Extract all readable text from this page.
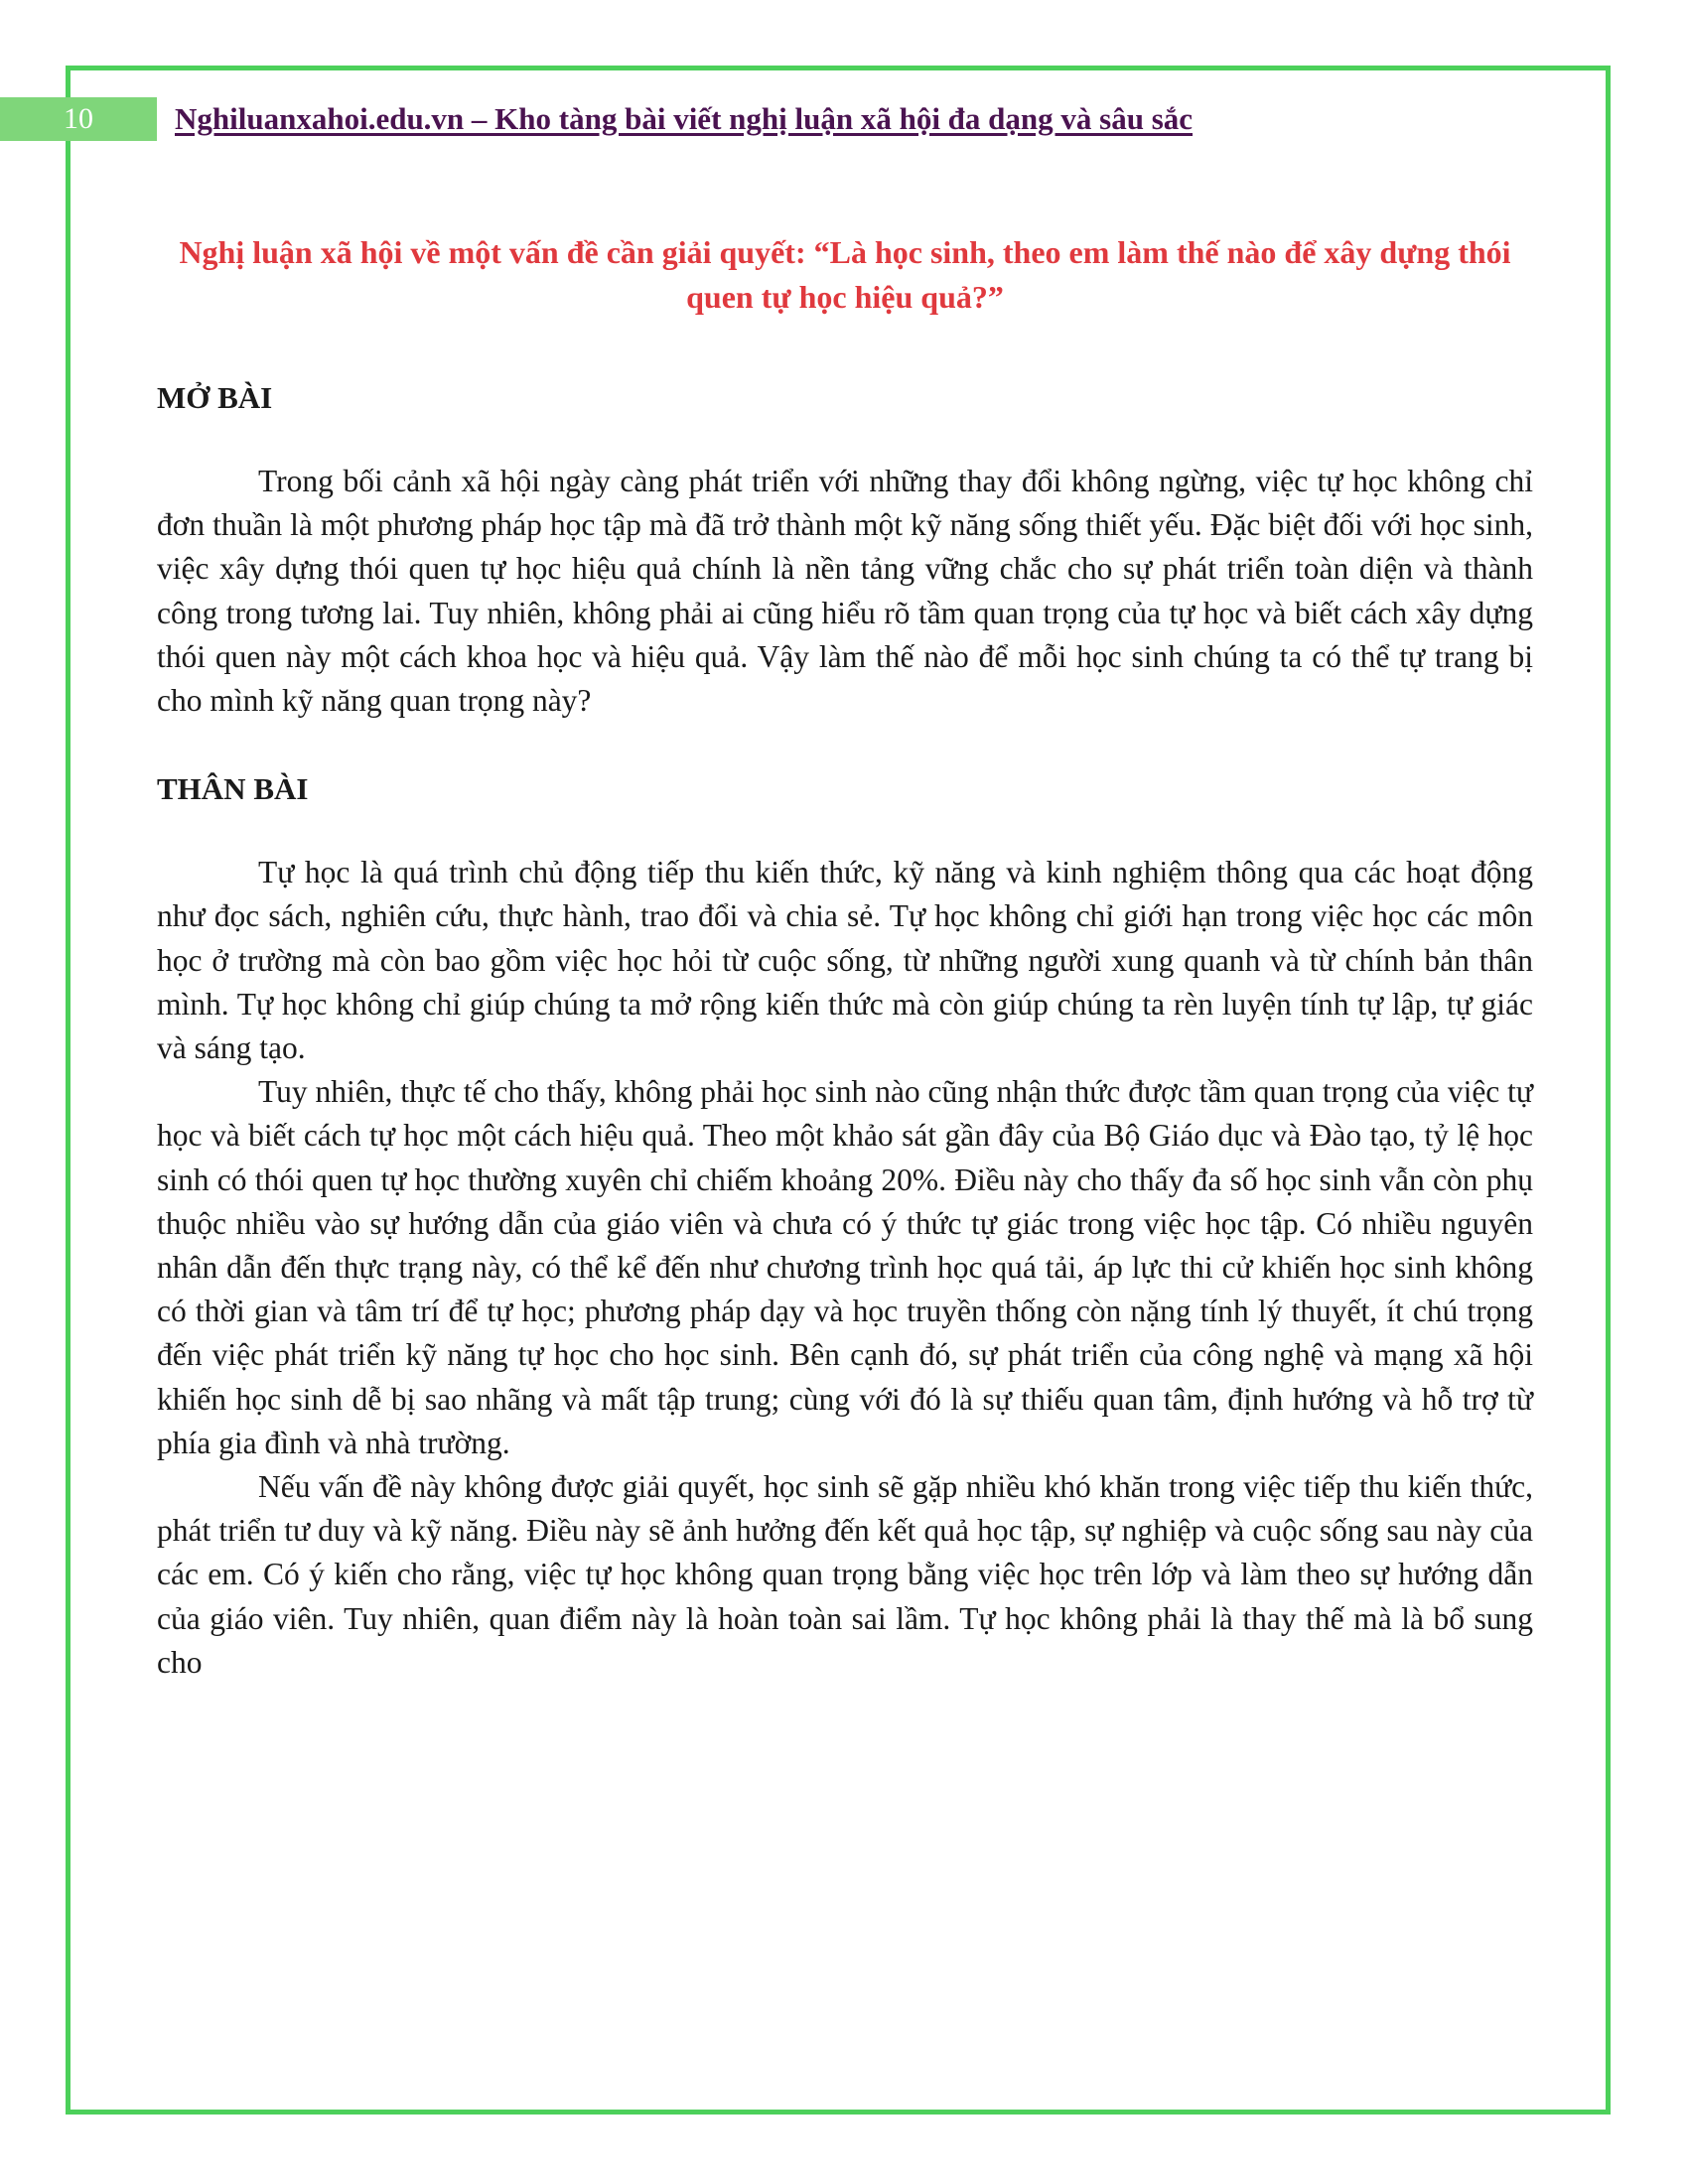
10	Nghiluanxahoi.edu.vn – Kho tàng bài viết nghị luận xã hội đa dạng và sâu sắc
Nghị luận xã hội về một vấn đề cần giải quyết: “Là học sinh, theo em làm thế nào để xây dựng thói quen tự học hiệu quả?”
MỞ BÀI

Trong bối cảnh xã hội ngày càng phát triển với những thay đổi không ngừng, việc tự học không chỉ đơn thuần là một phương pháp học tập mà đã trở thành một kỹ năng sống thiết yếu. Đặc biệt đối với học sinh, việc xây dựng thói quen tự học hiệu quả chính là nền tảng vững chắc cho sự phát triển toàn diện và thành công trong tương lai. Tuy nhiên, không phải ai cũng hiểu rõ tầm quan trọng của tự học và biết cách xây dựng thói quen này một cách khoa học và hiệu quả. Vậy làm thế nào để mỗi học sinh chúng ta có thể tự trang bị cho mình kỹ năng quan trọng này?

THÂN BÀI

Tự học là quá trình chủ động tiếp thu kiến thức, kỹ năng và kinh nghiệm thông qua các hoạt động như đọc sách, nghiên cứu, thực hành, trao đổi và chia sẻ. Tự học không chỉ giới hạn trong việc học các môn học ở trường mà còn bao gồm việc học hỏi từ cuộc sống, từ những người xung quanh và từ chính bản thân mình. Tự học không chỉ giúp chúng ta mở rộng kiến thức mà còn giúp chúng ta rèn luyện tính tự lập, tự giác và sáng tạo.

Tuy nhiên, thực tế cho thấy, không phải học sinh nào cũng nhận thức được tầm quan trọng của việc tự học và biết cách tự học một cách hiệu quả. Theo một khảo sát gần đây của Bộ Giáo dục và Đào tạo, tỷ lệ học sinh có thói quen tự học thường xuyên chỉ chiếm khoảng 20%. Điều này cho thấy đa số học sinh vẫn còn phụ thuộc nhiều vào sự hướng dẫn của giáo viên và chưa có ý thức tự giác trong việc học tập. Có nhiều nguyên nhân dẫn đến thực trạng này, có thể kể đến như chương trình học quá tải, áp lực thi cử khiến học sinh không có thời gian và tâm trí để tự học; phương pháp dạy và học truyền thống còn nặng tính lý thuyết, ít chú trọng đến việc phát triển kỹ năng tự học cho học sinh. Bên cạnh đó, sự phát triển của công nghệ và mạng xã hội khiến học sinh dễ bị sao nhãng và mất tập trung; cùng với đó là sự thiếu quan tâm, định hướng và hỗ trợ từ phía gia đình và nhà trường.

Nếu vấn đề này không được giải quyết, học sinh sẽ gặp nhiều khó khăn trong việc tiếp thu kiến thức, phát triển tư duy và kỹ năng. Điều này sẽ ảnh hưởng đến kết quả học tập, sự nghiệp và cuộc sống sau này của các em. Có ý kiến cho rằng, việc tự học không quan trọng bằng việc học trên lớp và làm theo sự hướng dẫn của giáo viên. Tuy nhiên, quan điểm này là hoàn toàn sai lầm. Tự học không phải là thay thế mà là bổ sung cho
